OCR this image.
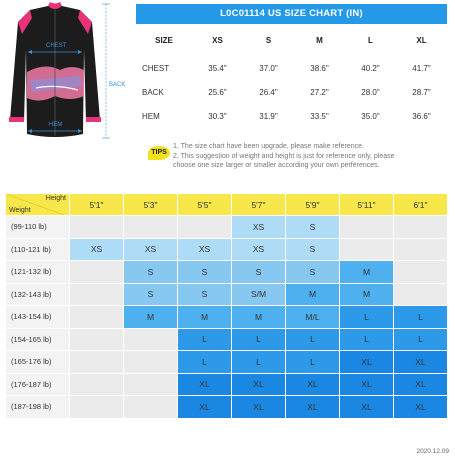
CHEST
BACK
HEM
L0C01114 US SIZE CHART (IN)
SIZE	XS	S	M	L	XL
CHEST	35.4"	37.0"	38.6"	40.2"	41.7"
BACK	25.6"	26.4"	27.2"	28.0"	28.7"
HEM	30.3"	31.9"	33.5"	35.0"	36.6"
TIPS
1, The size chart have been upgrade, please make reference.
2, This suggestion of weight and height is just for reference only, please
choose one size larger or smaller according your own perferences.
Height
Weight	5'1"	5'3"	5'5"	5'7"	5'9"	5'11"	6'1"
(99-110 lb)				XS	S		
(110-121 lb)	XS	XS	XS	XS	S		
(121-132 lb)		S	S	S	S	M	
(132-143 lb)		S	S	S/M	M	M	
(143-154 lb)		M	M	M	M/L	L	L
(154-165 lb)			L	L	L	L	L
(165-176 lb)			L	L	L	XL	XL
(176-187 lb)			XL	XL	XL	XL	XL
(187-198 lb)			XL	XL	XL	XL	XL
2020.12.09
